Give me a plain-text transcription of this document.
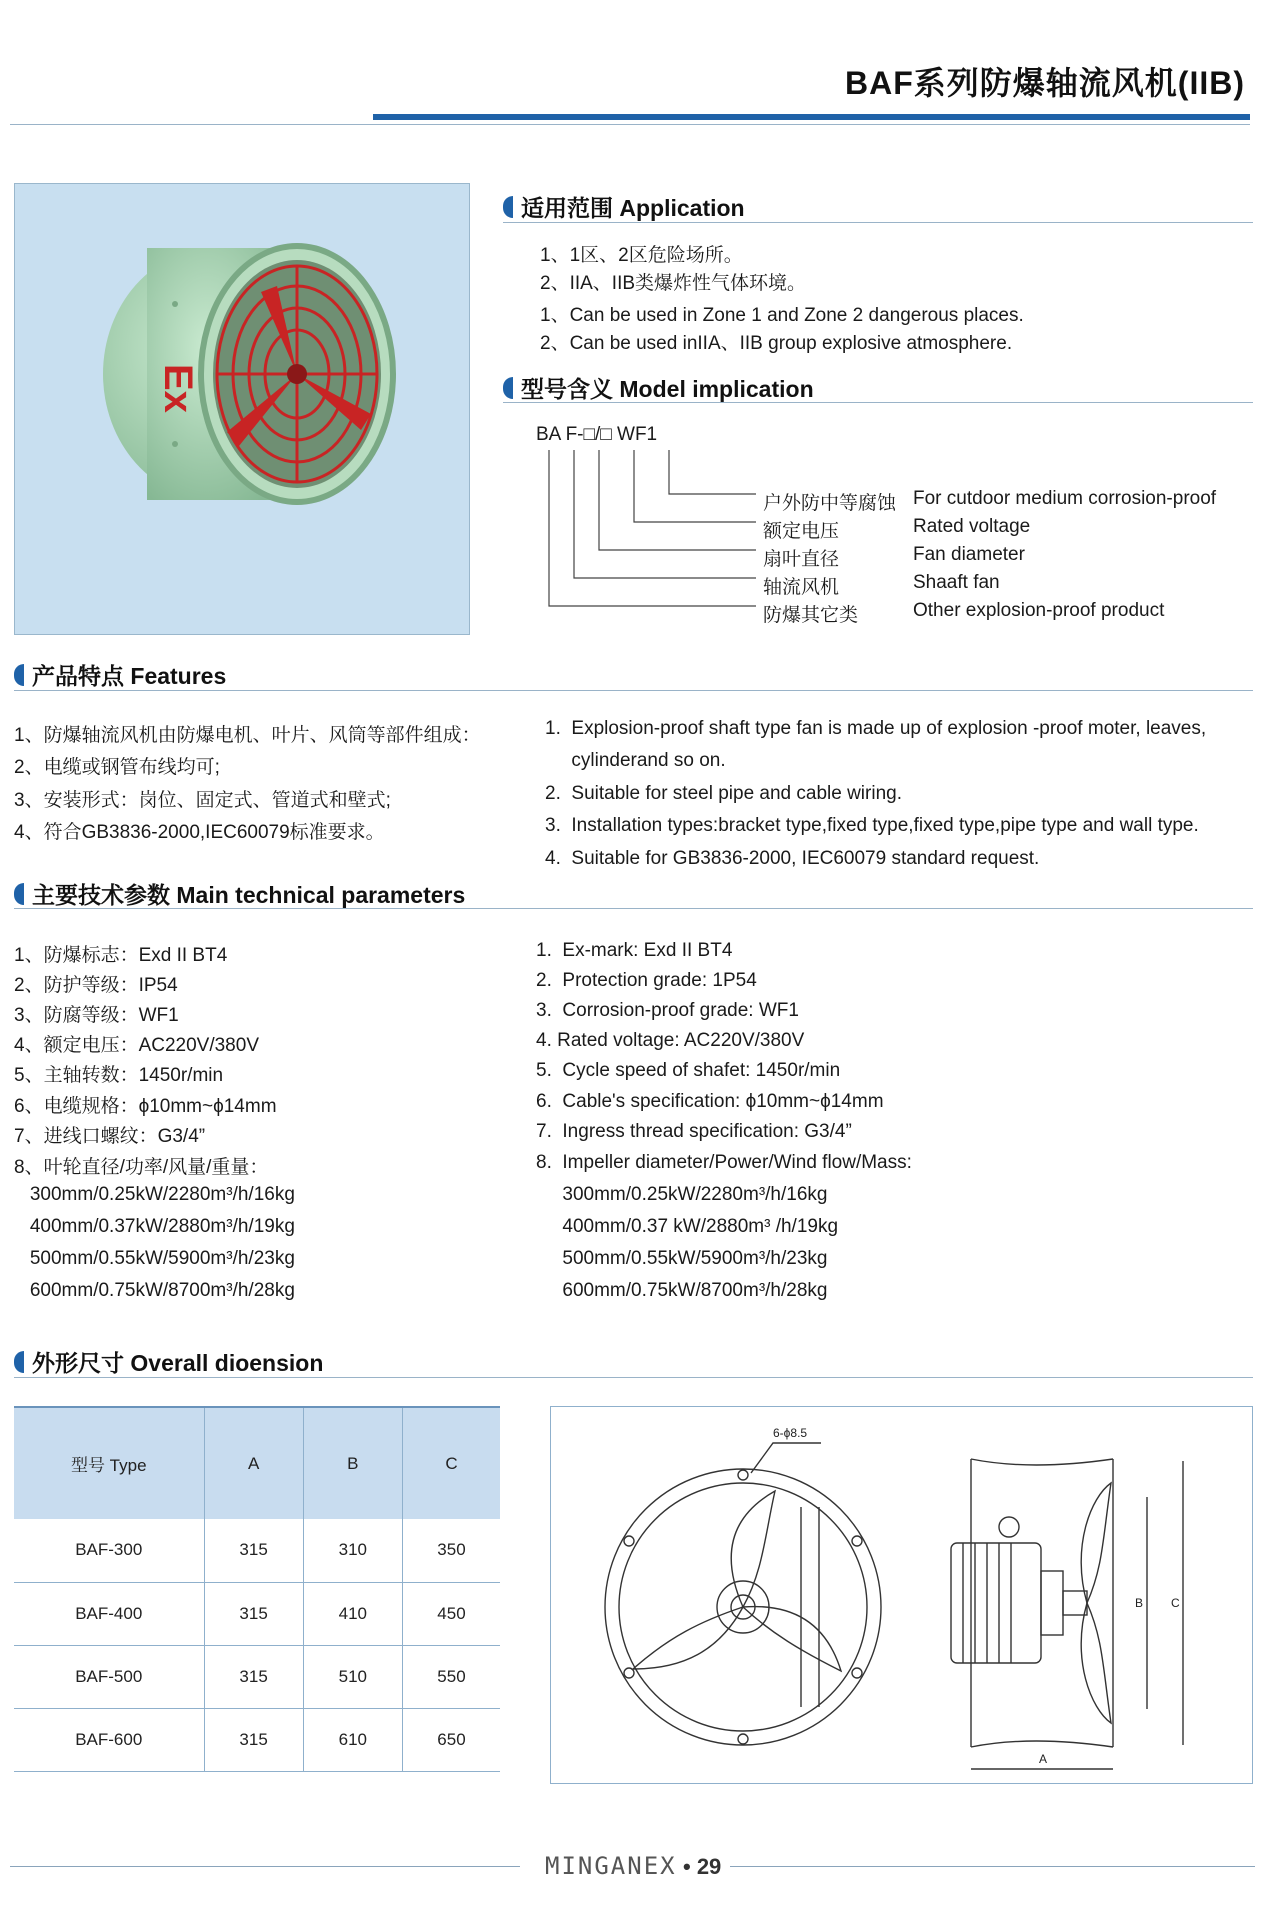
BAF系列防爆轴流风机(IIB)
Ex
适用范围 Application
1、1区、2区危险场所。
2、IIA、IIB类爆炸性气体环境。
1、Can be used in Zone 1 and Zone 2 dangerous places.
2、Can be used inIIA、IIB group explosive atmosphere.
型号含义 Model implication
BA F-□/□ WF1
户外防中等腐蚀 For cutdoor medium corrosion-proof
额定电压	Rated voltage
扇叶直径	Fan diameter
轴流风机	Shaaft fan
防爆其它类	Other explosion-proof product
产品特点 Features
1、防爆轴流风机由防爆电机、叶片、风筒等部件组成：
2、电缆或钢管布线均可;
3、安装形式：岗位、固定式、管道式和壁式;
4、符合GB3836-2000,IEC60079标准要求。
1.  Explosion-proof shaft type fan is made up of explosion -proof moter, leaves,
cylinderand so on.
2.  Suitable for steel pipe and cable wiring.
3.  Installation types:bracket type,fixed type,fixed type,pipe type and wall type.
4.  Suitable for GB3836-2000, IEC60079 standard request.
主要技术参数 Main technical parameters
1、防爆标志：Exd II BT4
2、防护等级：IP54
3、防腐等级：WF1
4、额定电压：AC220V/380V
5、主轴转数：1450r/min
6、电缆规格：ϕ10mm~ϕ14mm
7、进线口螺纹：G3/4”
8、叶轮直径/功率/风量/重量：
300mm/0.25kW/2280m³/h/16kg
400mm/0.37kW/2880m³/h/19kg
500mm/0.55kW/5900m³/h/23kg
600mm/0.75kW/8700m³/h/28kg
1.  Ex-mark: Exd II BT4
2.  Protection grade: 1P54
3.  Corrosion-proof grade: WF1
4. Rated voltage: AC220V/380V
5.  Cycle speed of shafet: 1450r/min
6.  Cable's specification: ϕ10mm~ϕ14mm
7.  Ingress thread specification: G3/4”
8.  Impeller diameter/Power/Wind flow/Mass:
300mm/0.25kW/2280m³/h/16kg
400mm/0.37 kW/2880m³ /h/19kg
500mm/0.55kW/5900m³/h/23kg
600mm/0.75kW/8700m³/h/28kg
外形尺寸 Overall dioension
型号 Type	A	B	C
BAF-300	315	310	350
BAF-400	315	410	450
BAF-500	315	510	550
BAF-600	315	610	650
6-ϕ8.5
A
B C
MINGANEX • 29
